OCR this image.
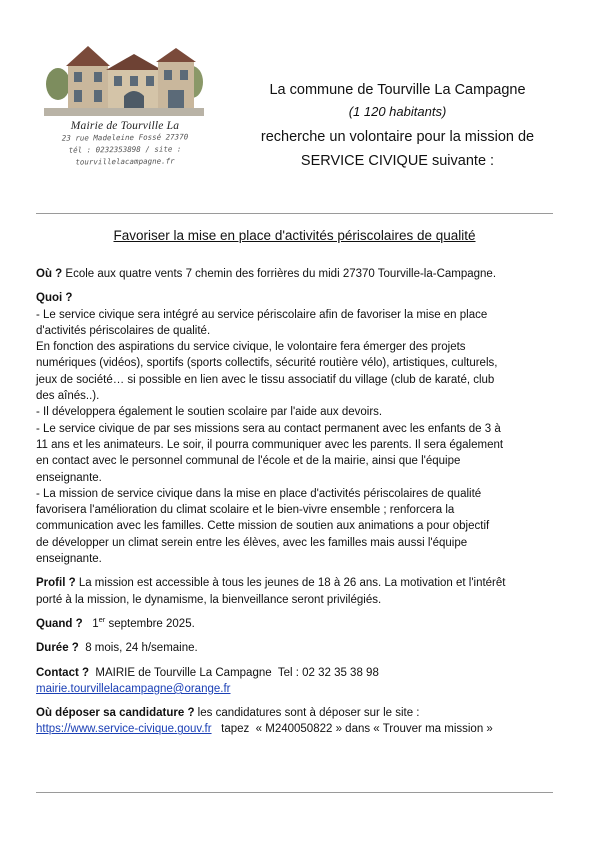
Mairie de Tourville La
23 rue Madeleine Fossé 27370
tél : 0232353898 / site :
tourvillelacampagne.fr
La commune de Tourville La Campagne
(1 120 habitants)
recherche un volontaire pour la mission de
SERVICE CIVIQUE suivante :
Favoriser la mise en place d'activités périscolaires de qualité

Où ? Ecole aux quatre vents 7 chemin des forrières du midi 27370 Tourville-la-Campagne.

Quoi ?
- Le service civique sera intégré au service périscolaire afin de favoriser la mise en place
d'activités périscolaires de qualité.
En fonction des aspirations du service civique, le volontaire fera émerger des projets
numériques (vidéos), sportifs (sports collectifs, sécurité routière vélo), artistiques, culturels,
jeux de société… si possible en lien avec le tissu associatif du village (club de karaté, club
des aînés..).
- Il développera également le soutien scolaire par l'aide aux devoirs.
- Le service civique de par ses missions sera au contact permanent avec les enfants de 3 à
11 ans et les animateurs. Le soir, il pourra communiquer avec les parents. Il sera également
en contact avec le personnel communal de l'école et de la mairie, ainsi que l'équipe
enseignante.
- La mission de service civique dans la mise en place d'activités périscolaires de qualité
favorisera l'amélioration du climat scolaire et le bien-vivre ensemble ; renforcera la
communication avec les familles. Cette mission de soutien aux animations a pour objectif
de développer un climat serein entre les élèves, avec les familles mais aussi l'équipe
enseignante.
Profil ? La mission est accessible à tous les jeunes de 18 à 26 ans. La motivation et l'intérêt
porté à la mission, le dynamisme, la bienveillance seront privilégiés.

Quand ?   1er septembre 2025.

Durée ?  8 mois, 24 h/semaine.

Contact ?  MAIRIE de Tourville La Campagne  Tel : 02 32 35 38 98
mairie.tourvillelacampagne@orange.fr
Où déposer sa candidature ? les candidatures sont à déposer sur le site :
https://www.service-civique.gouv.fr   tapez  « M240050822 » dans « Trouver ma mission »
